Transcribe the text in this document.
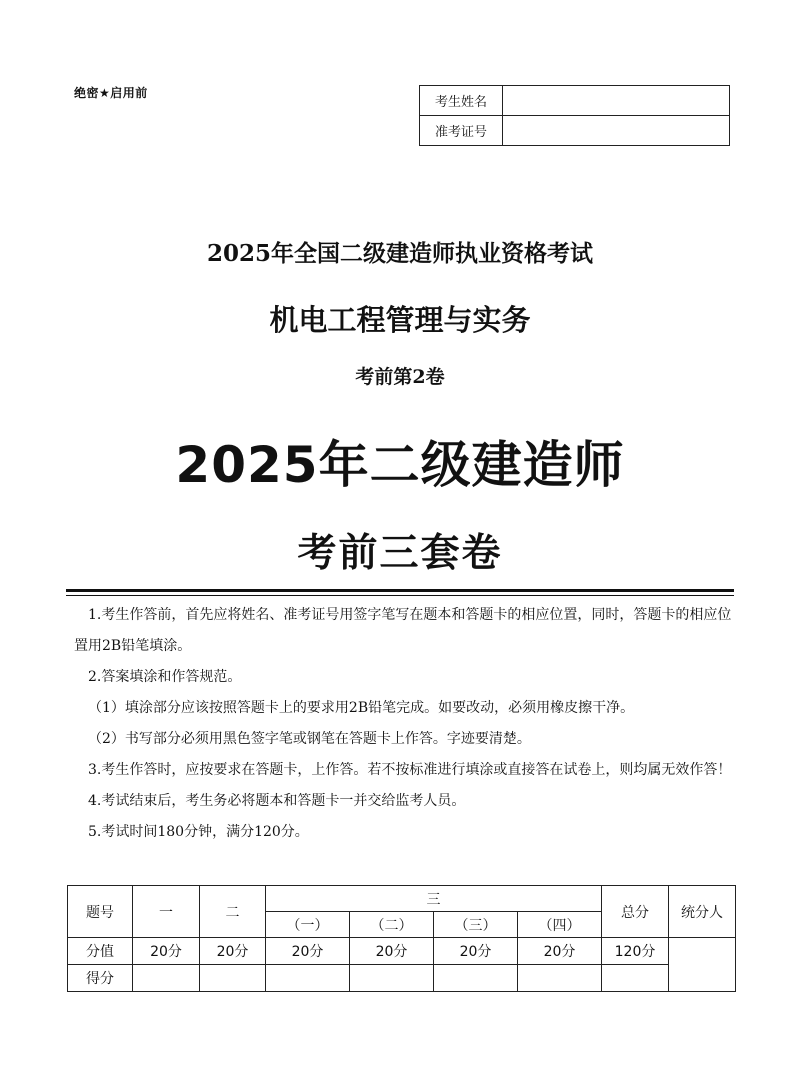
绝密★启用前
考生姓名	
准考证号	
2025年全国二级建造师执业资格考试
机电工程管理与实务
考前第2卷
2025年二级建造师
考前三套卷

1.考生作答前，首先应将姓名、准考证号用签字笔写在题本和答题卡的相应位置，同时，答题卡的相应位置用2B铅笔填涂。

2.答案填涂和作答规范。

（1）填涂部分应该按照答题卡上的要求用2B铅笔完成。如要改动，必须用橡皮擦干净。

（2）书写部分必须用黑色签字笔或钢笔在答题卡上作答。字迹要清楚。

3.考生作答时，应按要求在答题卡，上作答。若不按标准进行填涂或直接答在试卷上，则均属无效作答！

4.考试结束后，考生务必将题本和答题卡一并交给监考人员。

5.考试时间180分钟，满分120分。

题号	一	二	三				总分	统分人
			（一）	（二）	（三）	（四）		
分值	20分	20分	20分	20分	20分	20分	120分	
得分								
